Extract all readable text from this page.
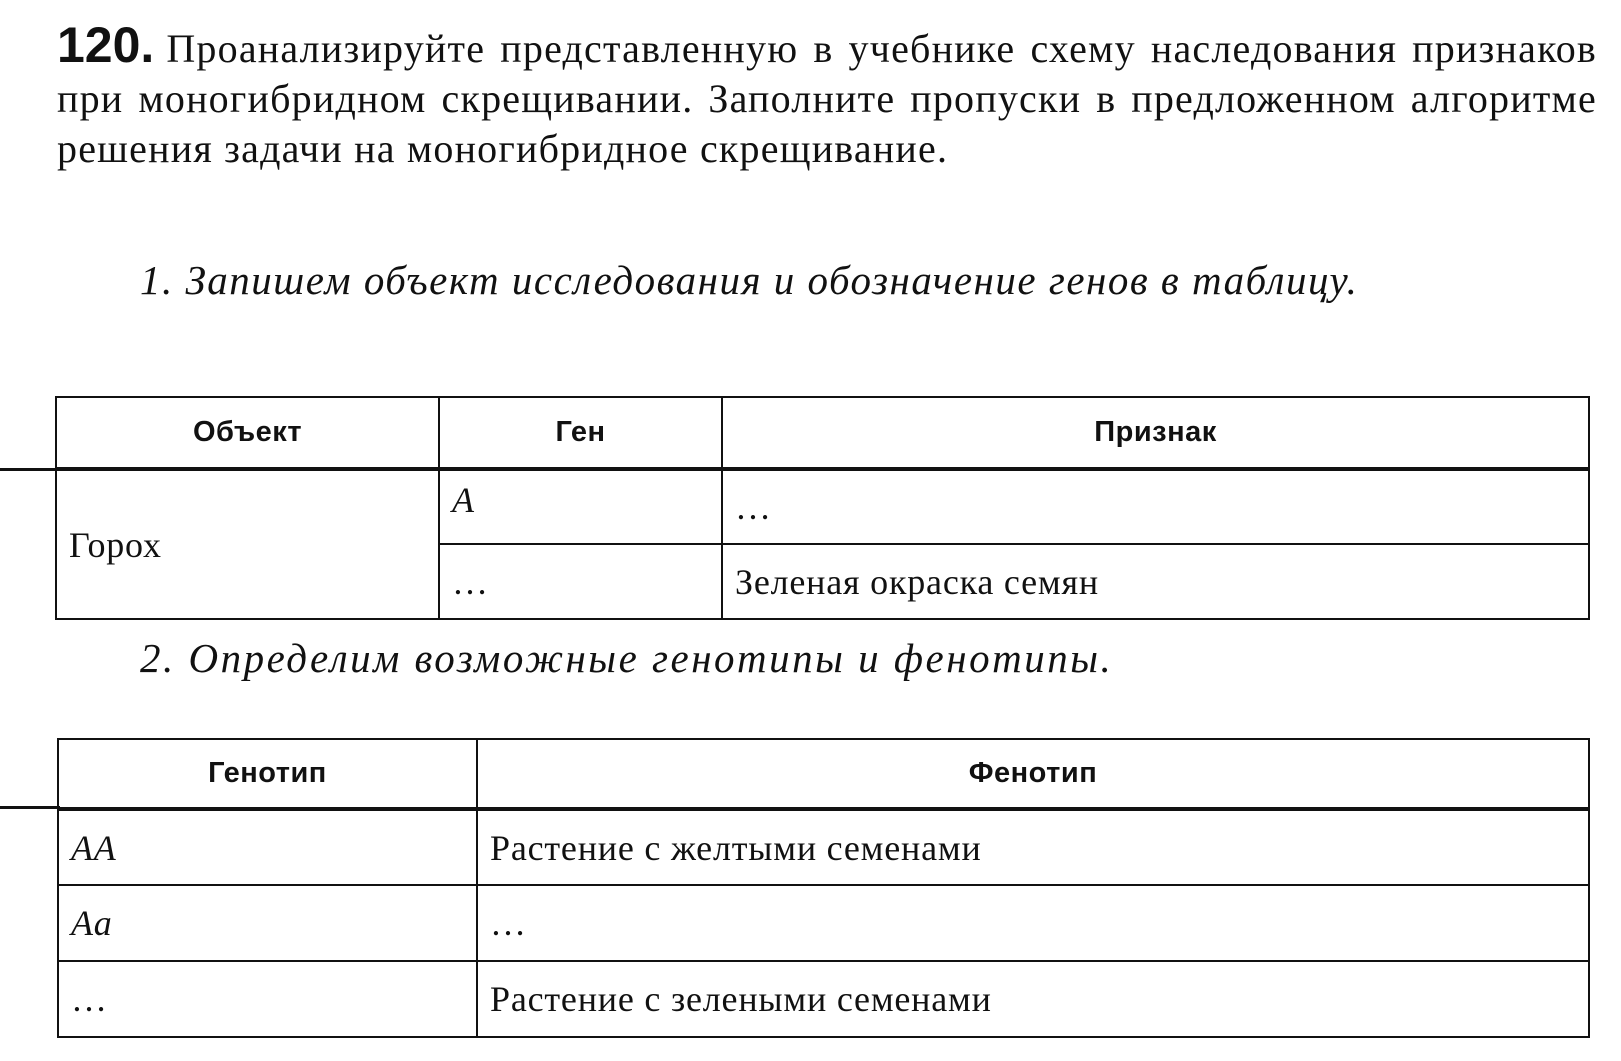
120. Проанализируйте представленную в учебнике схему наследования признаков при моногибридном скрещивании. Заполните пропуски в предложенном алгоритме решения задачи на моногибридное скрещивание.
1. Запишем объект исследования и обозначение генов в таблицу.
Объект	Ген	Признак
Горох	A	…
	…	Зеленая окраска семян
2. Определим возможные генотипы и фенотипы.
Генотип	Фенотип
AA	Растение с желтыми семенами
Aa	…
…	Растение с зелеными семенами
